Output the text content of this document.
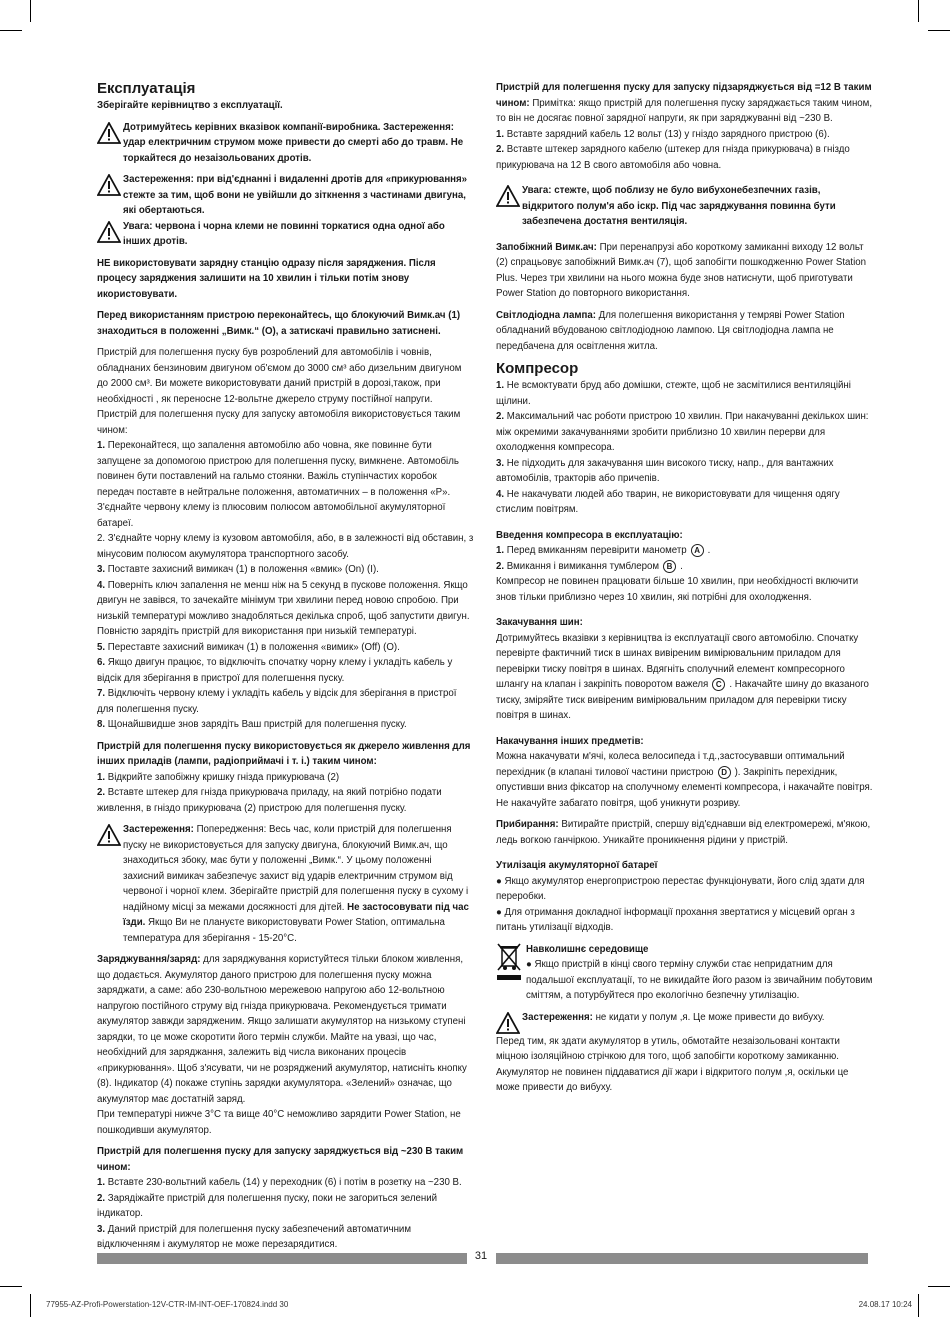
Експлуатація

Зберігайте керівництво з експлуатації.

Дотримуйтесь керівних вказівок компанії-виробника. Застереження: удар електричним струмом може привести до смерті або до травм. Не торкайтеся до незаізольованих дротів.

Застереження: при від'єднанні і видаленні дротів для «прикурювання» стежте за тим, щоб вони не увійшли до зіткнення з частинами двигуна, які обертаються.

Увага: червона і чорна клеми не повинні торкатися одна одної або інших дротів.

НЕ використовувати зарядну станцію одразу після заряджения. Після процесу заряджения залишити на 10 хвилин і тільки потім знову икористовувати.

Перед використанням пристрою переконайтесь, що блокуючий Вимк.ач (1) знаходиться в положенні „Вимк.“ (O), а затискачі правильно затиснені.

Пристрій для полегшення пуску був розроблений для автомобілів і човнів, обладнаних бензиновим двигуном об'ємом до 3000 см³ або дизельним двигуном до 2000 см³. Ви можете використовувати даний пристрій в дорозі,також, при необхідності , як переносне 12-вольтне джерело струму постійної напруги.

Пристрій для полегшення пуску для запуску автомобіля використовується таким чином:

1. Переконайтеся, що запалення автомобілю або човна, яке повинне бути запущене за допомогою пристрою для полегшення пуску, вимкнене. Автомобіль повинен бути поставлений на гальмо стоянки. Важіль ступінчастих коробок передач поставте в нейтральне положення, автоматичних – в положення «P».

З'єднайте червону клему із плюсовим полюсом автомобільної акумуляторної батареї.

2. З'єднайте чорну клему із кузовом автомобіля, або, в в залежності від обставин, з мінусовим полюсом акумулятора транспортного засобу.

3. Поставте захисний вимикач (1) в положення «вмик» (On) (I).

4. Поверніть ключ запалення не менш ніж на 5 секунд в пускове положення. Якщо двигун не завівся, то зачекайте мінімум три хвилини перед новою спробою. При низькій температурі можливо знадобляться декілька спроб, щоб запустити двигун. Повністю зарядіть пристрій для використання при низькій температурі.

5. Переставте захисний вимикач (1) в положення «вимик» (Off) (O).

6. Якщо двигун працює, то відключіть спочатку чорну клему і укладіть кабель у відсік для зберігання в пристрої для полегшення пуску.

7. Відключіть червону клему і укладіть кабель у відсік для зберігання в пристрої для полегшення пуску.

8. Щонайшвидше знов зарядіть Ваш пристрій для полегшення пуску.

Пристрій для полегшення пуску використовується як джерело живлення для інших приладів (лампи, радіоприймачі і т. і.) таким чином:

1. Відкрийте запобіжну кришку гнізда прикурювача (2)

2. Вставте штекер для гнізда прикурювача приладу, на який потрібно подати живлення, в гніздо прикурювача (2) пристрою для полегшення пуску.

Застереження: Попередження: Весь час, коли пристрій для полегшення пуску не використовується для запуску двигуна, блокуючий Вимк.ач, що знаходиться збоку, має бути у положенні „Вимк.“. У цьому положенні захисний вимикач забезпечує захист від ударів електричним струмом від червоної і чорної клем. Зберігайте пристрій для полегшення пуску в сухому і надійному місці за межами досяжності для дітей. Не застосовувати під час їзди. Якщо Ви не плануєте використовувати Power Station, оптимальна температура для зберігання - 15-20°С.

Заряджування/заряд: для заряджування користуйтеся тільки блоком живлення, що додається. Акумулятор даного пристрою для полегшення пуску можна заряджати, а саме: або 230-вольтною мережевою напругою або 12-вольтною напругою постійного струму від гнізда прикурювача. Рекомендується тримати акумулятор завжди зарядженим. Якщо залишати акумулятор на низькому ступені зарядки, то це може скоротити його термін служби. Майте на увазі, що час, необхідний для заряджання, залежить від числа виконаних процесів «прикурювання». Щоб з'ясувати, чи не розряджений акумулятор, натисніть кнопку (8). Індикатор (4) покаже ступінь зарядки акумулятора. «Зелений» означає, що акумулятор має достатній заряд.

При температурі нижче 3°С та вище 40°С неможливо зарядити Power Station, не пошкодивши акумулятор.

Пристрій для полегшення пуску для запуску заряджується від ~230 В таким чином:

1. Вставте 230-вольтний кабель (14) у переходник (6) і потім в розетку на ~230 В.

2. Зарядіжайте пристрій для полегшення пуску, поки не загориться зелений індикатор.

3. Даний пристрій для полегшення пуску забезпечений автоматичним відключенням і акумулятор не може перезарядитися.

Пристрій для полегшення пуску для запуску підзаряджується від =12 В таким чином: Примітка: якщо пристрій для полегшення пуску заряджається таким чином, то він не досягає повної зарядної напруги, як при заряджуванні від ~230 В.

1. Вставте зарядний кабель 12 вольт (13) у гніздо зарядного пристрою (6).

2. Вставте штекер зарядного кабелю (штекер для гнізда прикурювача) в гніздо прикурювача на 12 В свого автомобіля або човна.

Увага: стежте, щоб поблизу не було вибухонебезпечних газів, відкритого полум'я або іскр. Під час заряджування повинна бути забезпечена достатня вентиляція.

Запобіжний Вимк.ач: При перенапрузі або короткому замиканні виходу 12 вольт (2) спрацьовує запобіжний Вимк.ач (7), щоб запобігти пошкодженню Power Station Plus. Через три хвилини на нього можна буде знов натиснути, щоб приготувати Power Station до повторного використання.

Світлодіодна лампа: Для полегшення використання у темряві Power Station обладнаний вбудованою світлодіодною лампою. Ця світлодіодна лампа не передбачена для освітлення житла.

Компресор

1. Не всмоктувати бруд або домішки, стежте, щоб не засмітилися вентиляційні щілини.

2. Максимальний час роботи пристрою 10 хвилин. При накачуванні декількох шин: між окремими закачуваннями зробити приблизно 10 хвилин перерви для охолодження компресора.

3. Не підходить для закачування шин високого тиску, напр., для вантажних автомобілів, тракторів або причепів.

4. Не накачувати людей або тварин, не використовувати для чищення одягу стислим повітрям.

Введення компресора в експлуатацію:

1. Перед вмиканням перевірити манометр A .

2. Вмикання і вимикання тумблером B .

Компресор не повинен працювати більше 10 хвилин, при необхідності включити знов тільки приблизно через 10 хвилин, які потрібні для охолодження.

Закачування шин:

Дотримуйтесь вказівки з керівництва із експлуатації свого автомобілю. Спочатку перевірте фактичний тиск в шинах вивіреним вимірювальним приладом для перевірки тиску повітря в шинах. Вдягніть сполучний елемент компресорного шлангу на клапан і закріпіть поворотом важеля C . Накачайте шину до вказаного тиску, зміряйте тиск вивіреним вимірювальним приладом для перевірки тиску повітря в шинах.

Накачування інших предметів:

Можна накачувати м'ячі, колеса велосипеда і т.д.,застосувавши оптимальний перехідник (в клапані тилової частини пристрою D ). Закріпіть перехідник, опустивши вниз фіксатор на сполучному елементі компресора, і накачайте повітря. Не накачуйте забагато повітря, щоб уникнути розриву.

Прибирання: Витирайте пристрій, спершу від'єднавши від електромережі, м'якою, ледь вогкою ганчіркою. Уникайте проникнення рідини у пристрій.

Утилізація акумуляторної батареї

● Якщо акумулятор енергопристрою перестає функціонувати, його слід здати для переробки.

● Для отримання докладної інформації прохання звертатися у місцевий орган з питань утилізації відходів.

Навколишнє середовище

● Якщо пристрій в кінці свого терміну служби стає непридатним для подальшої експлуатації, то не викидайте його разом із звичайним побутовим сміттям, а потурбуйтеся про екологічно безпечну утилізацію.

Застереження: не кидати у полум ,я. Це може привести до вибуху.

Перед тим, як здати акумулятор в утиль, обмотайте незаізольовані контакти міцною ізоляційною стрічкою для того, щоб запобігти короткому замиканню. Акумулятор не повинен піддаватися дії жари і відкритого полум ,я, оскільки це може привести до вибуху.

31
77955-AZ-Profi-Powerstation-12V-CTR-IM-INT-OEF-170824.indd 30	24.08.17 10:24
